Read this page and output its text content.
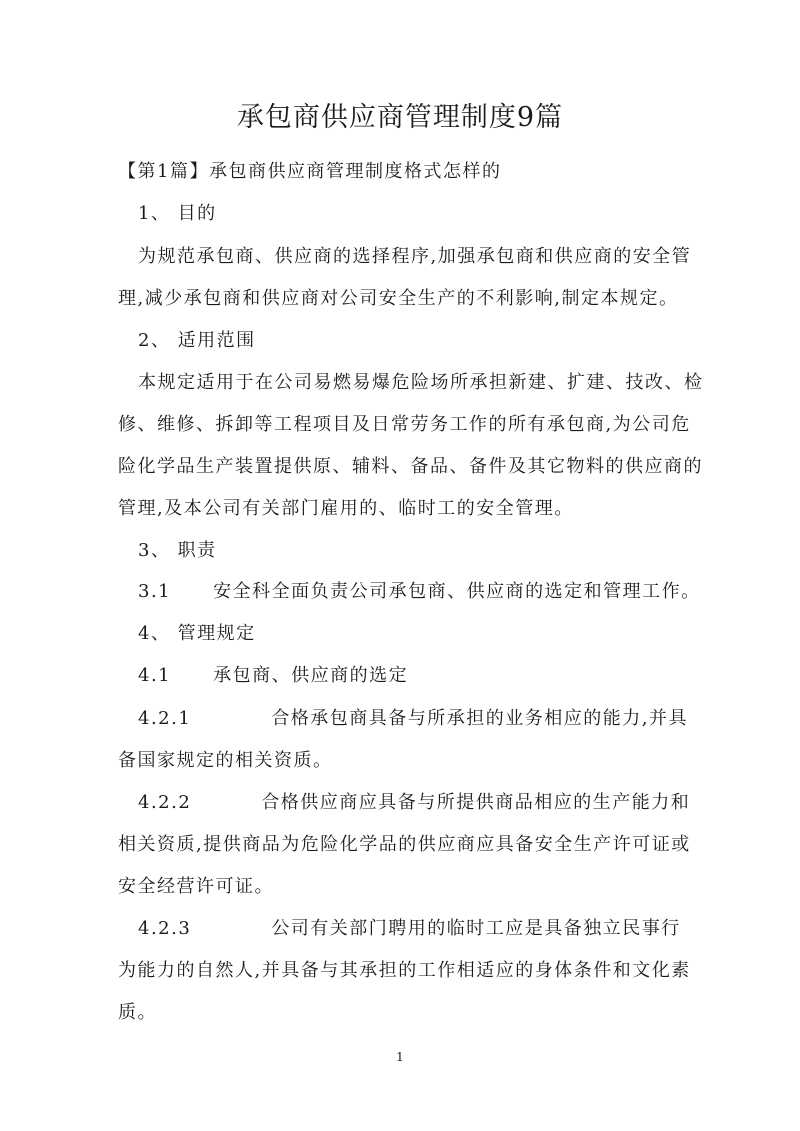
承包商供应商管理制度9篇
【第1篇】承包商供应商管理制度格式怎样的
1、 目的
为规范承包商、供应商的选择程序,加强承包商和供应商的安全管
理,减少承包商和供应商对公司安全生产的不利影响,制定本规定。
2、 适用范围
本规定适用于在公司易燃易爆危险场所承担新建、扩建、技改、检
修、维修、拆卸等工程项目及日常劳务工作的所有承包商,为公司危
险化学品生产装置提供原、辅料、备品、备件及其它物料的供应商的
管理,及本公司有关部门雇用的、临时工的安全管理。
3、 职责
3.1 安全科全面负责公司承包商、供应商的选定和管理工作。
4、 管理规定
4.1 承包商、供应商的选定
4.2.1	合格承包商具备与所承担的业务相应的能力,并具
备国家规定的相关资质。
4.2.2	合格供应商应具备与所提供商品相应的生产能力和
相关资质,提供商品为危险化学品的供应商应具备安全生产许可证或
安全经营许可证。
4.2.3	公司有关部门聘用的临时工应是具备独立民事行
为能力的自然人,并具备与其承担的工作相适应的身体条件和文化素
质。
1
